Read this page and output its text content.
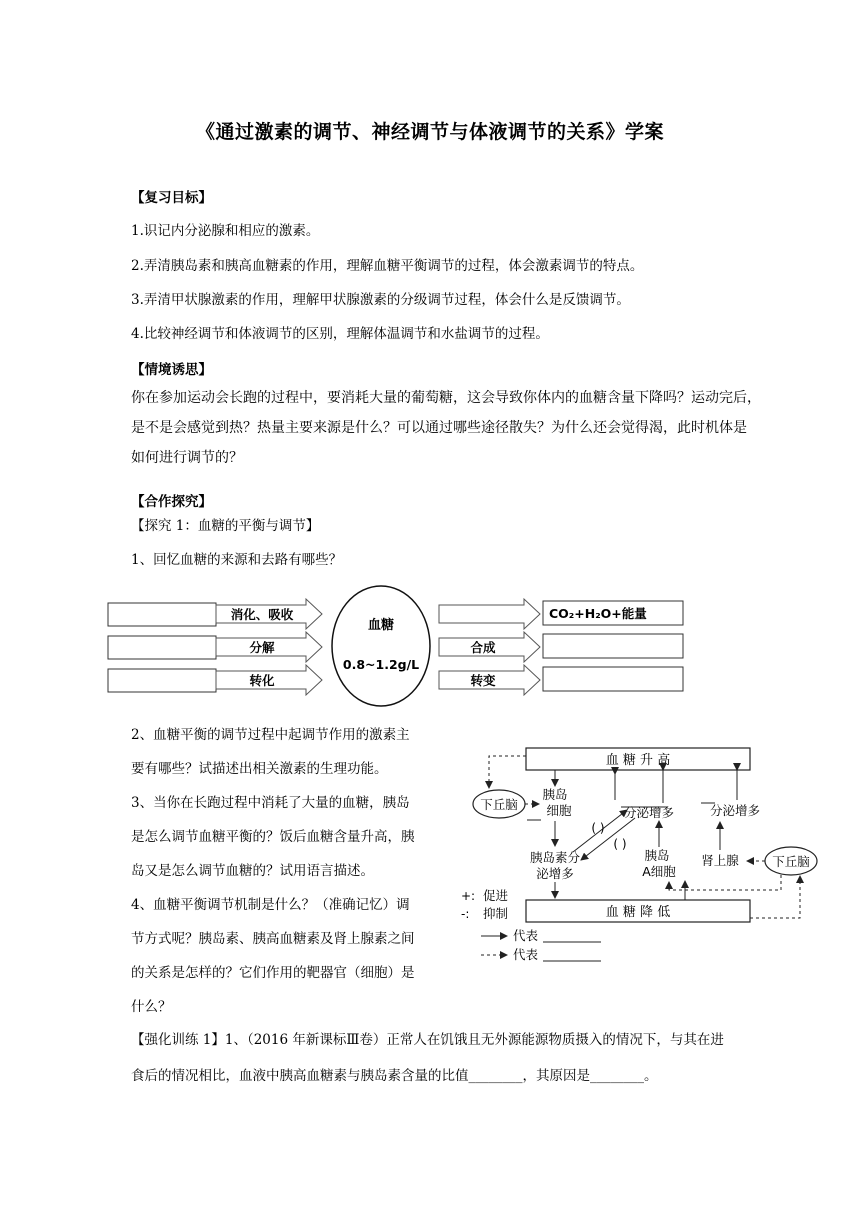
《通过激素的调节、神经调节与体液调节的关系》学案
【复习目标】
1.识记内分泌腺和相应的激素。
2.弄清胰岛素和胰高血糖素的作用，理解血糖平衡调节的过程，体会激素调节的特点。
3.弄清甲状腺激素的作用，理解甲状腺激素的分级调节过程，体会什么是反馈调节。
4.比较神经调节和体液调节的区别，理解体温调节和水盐调节的过程。
【情境诱思】
你在参加运动会长跑的过程中，要消耗大量的葡萄糖，这会导致你体内的血糖含量下降吗？运动完后，
是不是会感觉到热？热量主要来源是什么？可以通过哪些途径散失？为什么还会觉得渴，此时机体是
如何进行调节的？
【合作探究】
【探究 1：血糖的平衡与调节】
1、回忆血糖的来源和去路有哪些？
消化、吸收
分解
转化
血糖
0.8~1.2g/L
合成
转变
CO₂+H₂O+能量
2、血糖平衡的调节过程中起调节作用的激素主
要有哪些？试描述出相关激素的生理功能。
3、当你在长跑过程中消耗了大量的血糖，胰岛
是怎么调节血糖平衡的？饭后血糖含量升高，胰
岛又是怎么调节血糖的？试用语言描述。
4、血糖平衡调节机制是什么？（准确记忆）调
节方式呢？胰岛素、胰高血糖素及肾上腺素之间
的关系是怎样的？它们作用的靶器官（细胞）是
什么？
血 糖 升 高
血 糖 降 低
下丘脑
胰岛
细胞
胰岛素分
泌增多
分泌增多
( )
( )
胰岛
A细胞
分泌增多
肾上腺	下丘脑
+: 促进
-: 抑制
代表
代表
【强化训练 1】1、（2016 年新课标Ⅲ卷）正常人在饥饿且无外源能源物质摄入的情况下，与其在进
食后的情况相比，血液中胰高血糖素与胰岛素含量的比值________，其原因是________。
